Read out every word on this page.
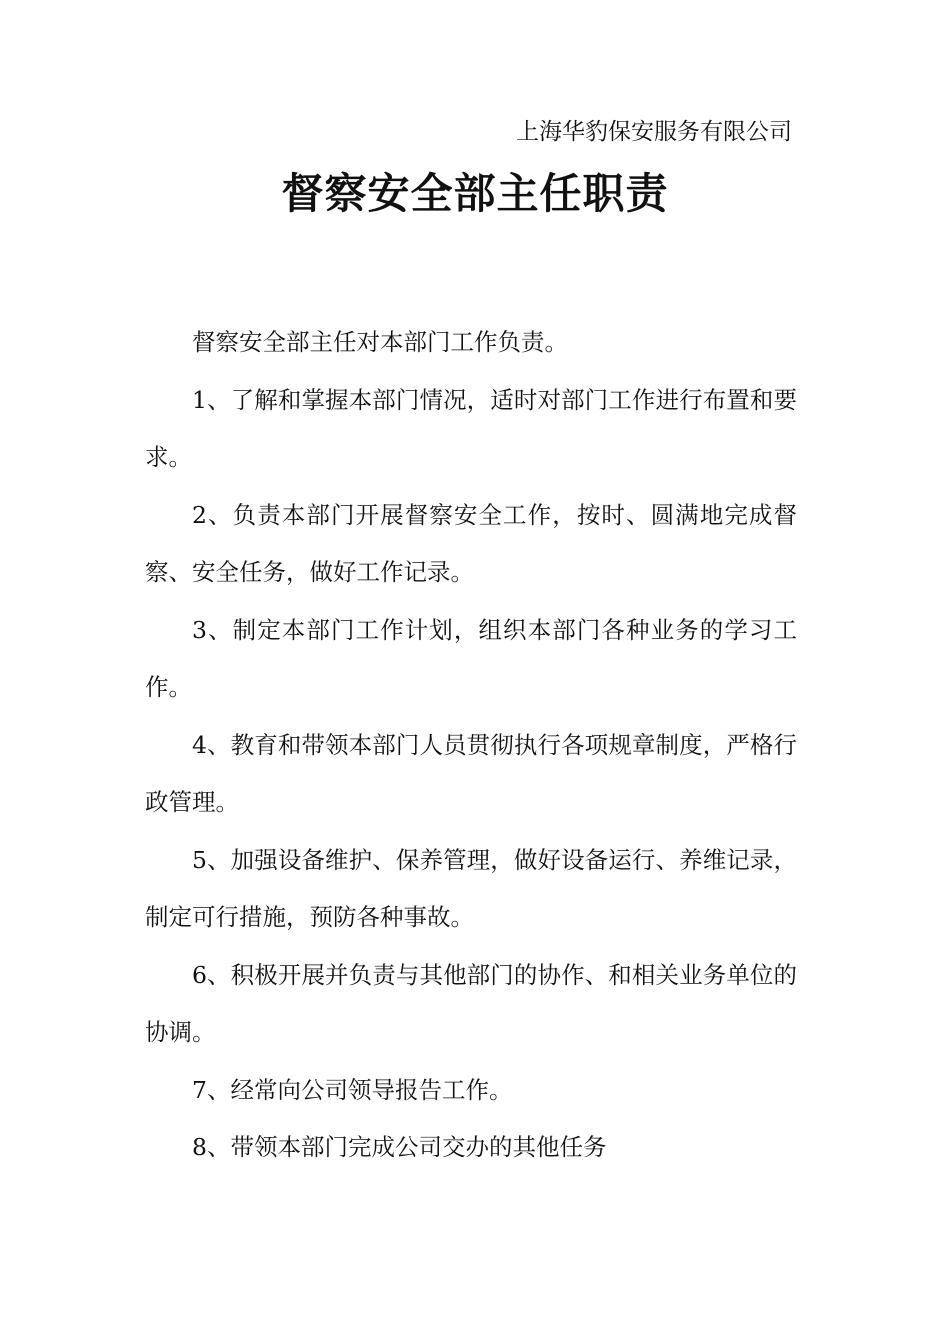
上海华豹保安服务有限公司
督察安全部主任职责

督察安全部主任对本部门工作负责。

1、了解和掌握本部门情况，适时对部门工作进行布置和要求。

2、负责本部门开展督察安全工作，按时、圆满地完成督察、安全任务，做好工作记录。

3、制定本部门工作计划，组织本部门各种业务的学习工作。

4、教育和带领本部门人员贯彻执行各项规章制度，严格行政管理。

5、加强设备维护、保养管理，做好设备运行、养维记录，制定可行措施，预防各种事故。

6、积极开展并负责与其他部门的协作、和相关业务单位的协调。

7、经常向公司领导报告工作。

8、带领本部门完成公司交办的其他任务
